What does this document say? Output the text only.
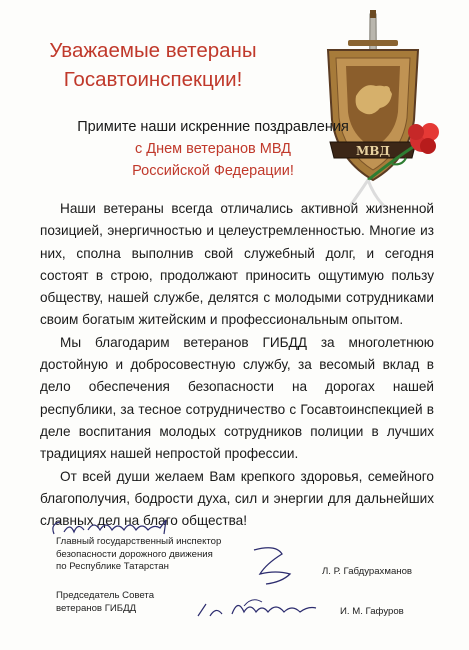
Уважаемые ветераны
Госавтоинспекции!
МВД
Примите наши искренние поздравления
с Днем ветеранов МВД
Российской Федерации!

Наши ветераны всегда отличались активной жизненной позицией, энергичностью и целеустремленностью. Многие из них, сполна выполнив свой служебный долг, и сегодня состоят в строю, продолжают приносить ощутимую пользу обществу, нашей службе, делятся с молодыми сотрудниками своим богатым житейским и профессиональным опытом.

Мы благодарим ветеранов ГИБДД за многолетнюю достойную и добросовестную службу, за весомый вклад в дело обеспечения безопасности на дорогах нашей республики, за тесное сотрудничество с Госавтоинспекцией в деле воспитания молодых сотрудников полиции в лучших традициях нашей непростой профессии.

От всей души желаем Вам крепкого здоровья, семейного благополучия, бодрости духа, сил и энергии для дальнейших славных дел на благо общества!

Главный государственный инспектор
безопасности дорожного движения
по Республике Татарстан	Л. Р. Габдурахманов
Председатель Совета
ветеранов ГИБДД	И. М. Гафуров
